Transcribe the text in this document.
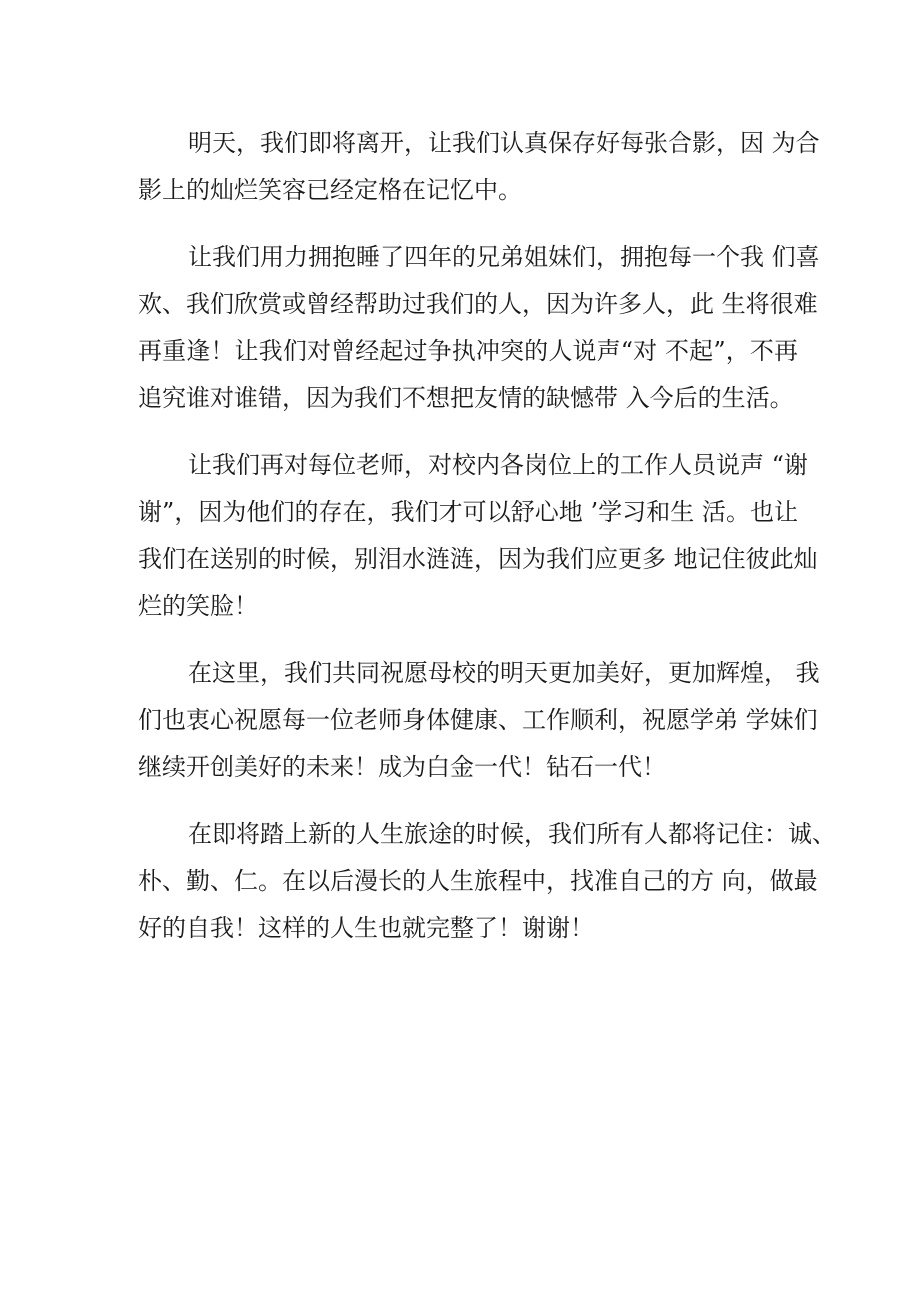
明天，我们即将离开，让我们认真保存好每张合影，因 为合
影上的灿烂笑容已经定格在记忆中。

让我们用力拥抱睡了四年的兄弟姐妹们，拥抱每一个我 们喜
欢、我们欣赏或曾经帮助过我们的人，因为许多人，此 生将很难
再重逢！让我们对曾经起过争执冲突的人说声“对 不起”，不再
追究谁对谁错，因为我们不想把友情的缺憾带 入今后的生活。

让我们再对每位老师，对校内各岗位上的工作人员说声 “谢
谢”，因为他们的存在，我们才可以舒心地 ’学习和生 活。也让
我们在送别的时候，别泪水涟涟，因为我们应更多 地记住彼此灿
烂的笑脸！

在这里，我们共同祝愿母校的明天更加美好，更加辉煌， 我
们也衷心祝愿每一位老师身体健康、工作顺利，祝愿学弟 学妹们
继续开创美好的未来！成为白金一代！钻石一代！

在即将踏上新的人生旅途的时候，我们所有人都将记住：诚、
朴、勤、仁。在以后漫长的人生旅程中，找准自己的方 向，做最
好的自我！这样的人生也就完整了！谢谢！
